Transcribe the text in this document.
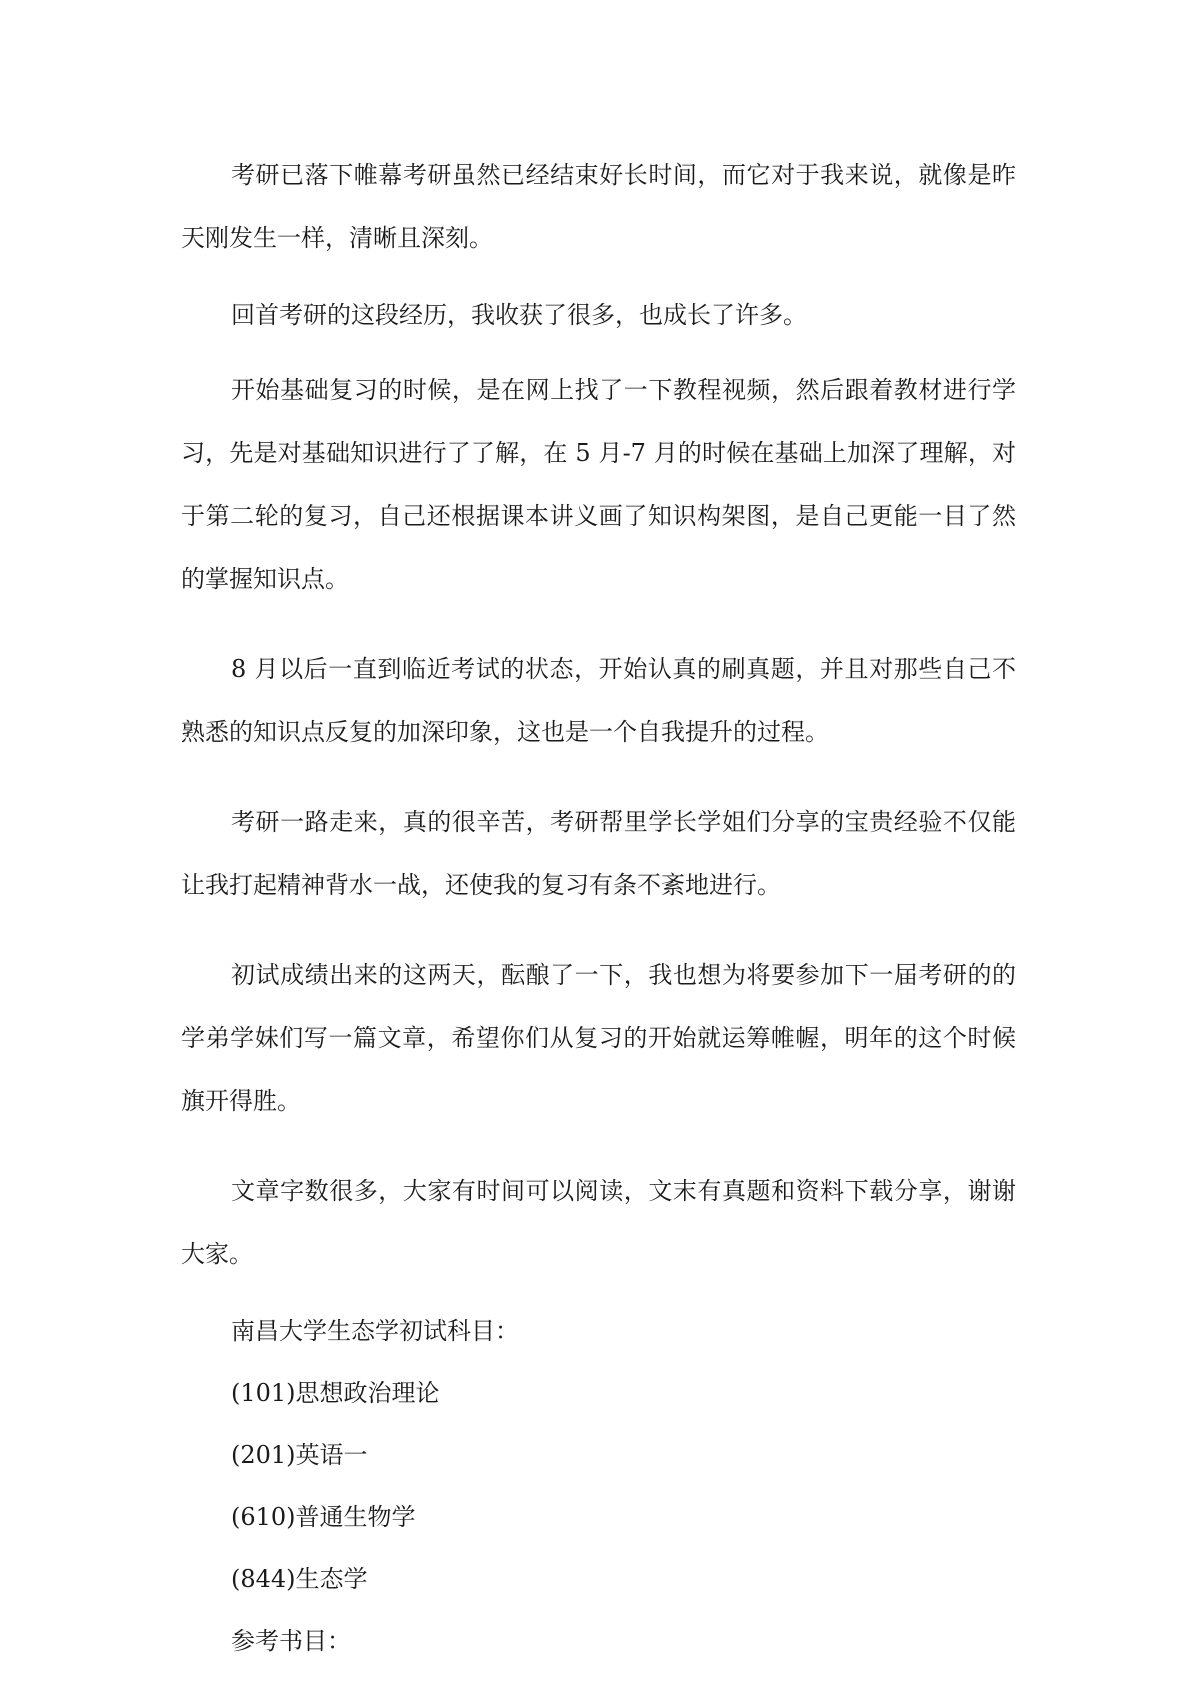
考研已落下帷幕考研虽然已经结束好长时间，而它对于我来说，就像是昨天刚发生一样，清晰且深刻。

回首考研的这段经历，我收获了很多，也成长了许多。

开始基础复习的时候，是在网上找了一下教程视频，然后跟着教材进行学习，先是对基础知识进行了了解，在 5 月-7 月的时候在基础上加深了理解，对于第二轮的复习，自己还根据课本讲义画了知识构架图，是自己更能一目了然的掌握知识点。

8 月以后一直到临近考试的状态，开始认真的刷真题，并且对那些自己不熟悉的知识点反复的加深印象，这也是一个自我提升的过程。

考研一路走来，真的很辛苦，考研帮里学长学姐们分享的宝贵经验不仅能让我打起精神背水一战，还使我的复习有条不紊地进行。

初试成绩出来的这两天，酝酿了一下，我也想为将要参加下一届考研的的学弟学妹们写一篇文章，希望你们从复习的开始就运筹帷幄，明年的这个时候旗开得胜。

文章字数很多，大家有时间可以阅读，文末有真题和资料下载分享，谢谢大家。

南昌大学生态学初试科目：

(101)思想政治理论

(201)英语一

(610)普通生物学

(844)生态学

参考书目：
